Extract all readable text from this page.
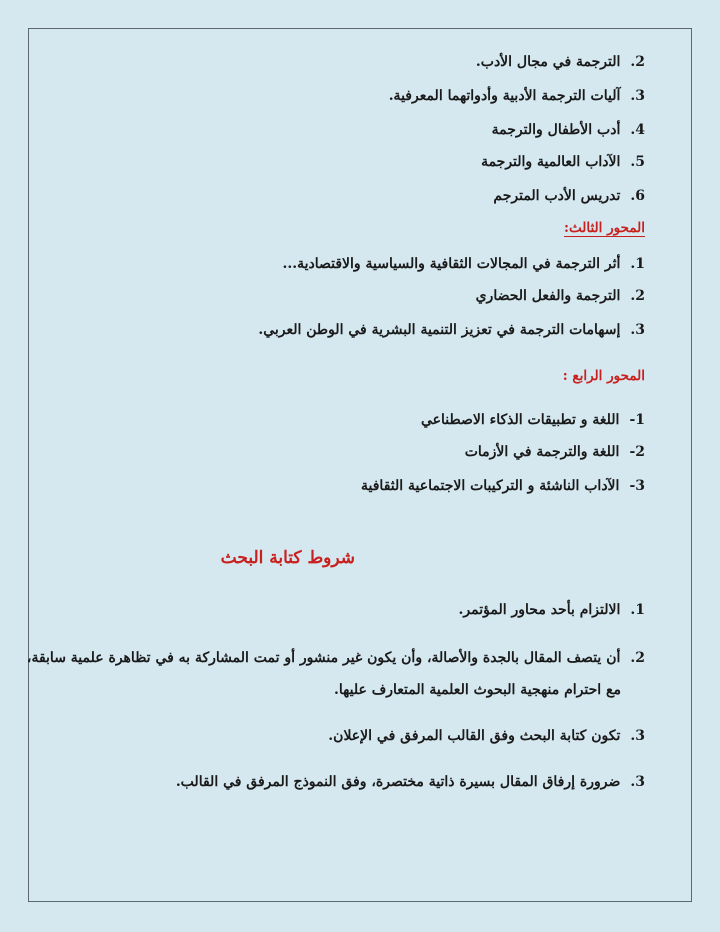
2.الترجمة في مجال الأدب.
3.آليات الترجمة الأدبية وأدواتهما المعرفية.
4.أدب الأطفال والترجمة
5.الآداب العالمية والترجمة
6.تدريس الأدب المترجم
المحور الثالث:
1.أثر الترجمة في المجالات الثقافية والسياسية والاقتصادية...
2.الترجمة والفعل الحضاري
3.إسهامات الترجمة في تعزيز التنمية البشرية في الوطن العربي.
المحور الرابع :
1-اللغة و تطبيقات الذكاء الاصطناعي
2-اللغة والترجمة في الأزمات
3-الآداب الناشئة و التركيبات الاجتماعية الثقافية
شروط كتابة البحث
1.الالتزام بأحد محاور المؤتمر.
2.أن يتصف المقال بالجدة والأصالة، وأن يكون غير منشور أو تمت المشاركة به في تظاهرة علمية سابقة،
مع احترام منهجية البحوث العلمية المتعارف عليها.
3.تكون كتابة البحث وفق القالب المرفق في الإعلان.
3.ضرورة إرفاق المقال بسيرة ذاتية مختصرة، وفق النموذج المرفق في القالب.
